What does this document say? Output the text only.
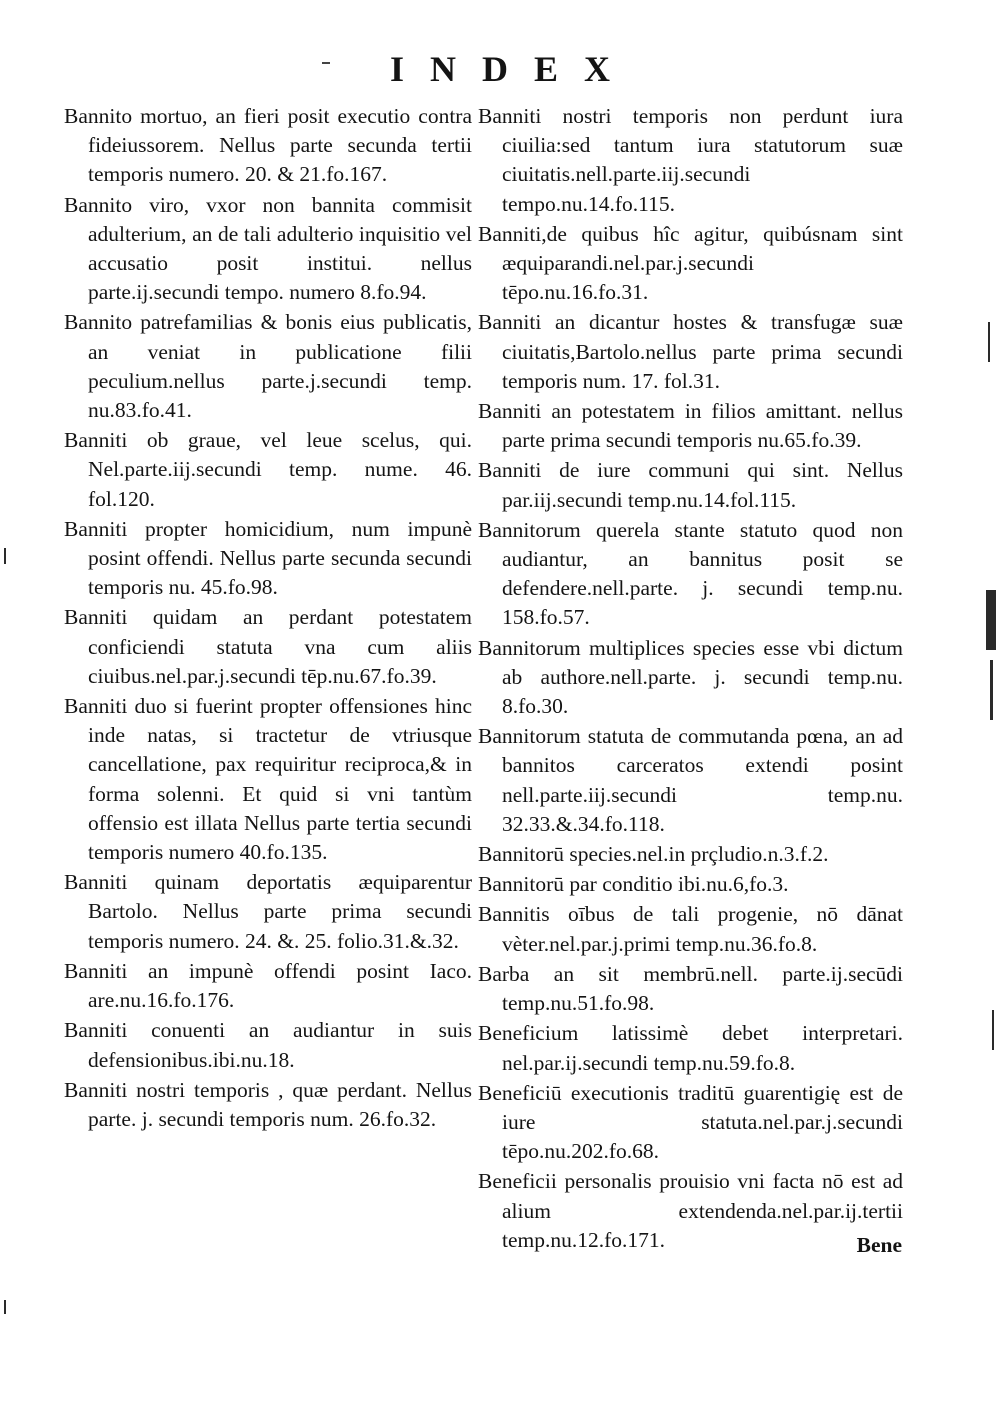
INDEX

Bannito mortuo, an fieri posit executio contra fideiussorem. Nellus parte secunda tertii temporis numero. 20. & 21.fo.167.

Bannito viro, vxor non bannita commisit adulterium, an de tali adulterio inquisitio vel accusatio posit institui. nellus parte.ij.secundi tempo. numero 8.fo.94.

Bannito patrefamilias & bonis eius publicatis, an veniat in publicatione filii peculium.nellus parte.j.secundi temp. nu.83.fo.41.

Banniti ob graue, vel leue scelus, qui. Nel.parte.iij.secundi temp. nume. 46. fol.120.

Banniti propter homicidium, num impunè posint offendi. Nellus parte secunda secundi temporis nu. 45.fo.98.

Banniti quidam an perdant potestatem conficiendi statuta vna cum aliis ciuibus.nel.par.j.secundi tēp.nu.67.fo.39.

Banniti duo si fuerint propter offensiones hinc inde natas, si tractetur de vtriusque cancellatione, pax requiritur reciproca,& in forma solenni. Et quid si vni tantùm offensio est illata Nellus parte tertia secundi temporis numero 40.fo.135.

Banniti quinam deportatis æquiparentur Bartolo. Nellus parte prima secundi temporis numero. 24. &. 25. folio.31.&.32.

Banniti an impunè offendi posint Iaco. are.nu.16.fo.176.

Banniti conuenti an audiantur in suis defensionibus.ibi.nu.18.

Banniti nostri temporis , quæ perdant. Nellus parte. j. secundi temporis num. 26.fo.32.

Banniti nostri temporis non perdunt iura ciuilia:sed tantum iura statutorum suæ ciuitatis.nell.parte.iij.secundi tempo.nu.14.fo.115.

Banniti,de quibus hîc agitur, quibúsnam sint æquiparandi.nel.par.j.secundi tēpo.nu.16.fo.31.

Banniti an dicantur hostes & transfugæ suæ ciuitatis,Bartolo.nellus parte prima secundi temporis num. 17. fol.31.

Banniti an potestatem in filios amittant. nellus parte prima secundi temporis nu.65.fo.39.

Banniti de iure communi qui sint. Nellus par.iij.secundi temp.nu.14.fol.115.

Bannitorum querela stante statuto quod non audiantur, an bannitus posit se defendere.nell.parte. j. secundi temp.nu. 158.fo.57.

Bannitorum multiplices species esse vbi dictum ab authore.nell.parte. j. secundi temp.nu. 8.fo.30.

Bannitorum statuta de commutanda pœna, an ad bannitos carceratos extendi posint nell.parte.iij.secundi temp.nu. 32.33.&.34.fo.118.

Bannitorū species.nel.in prçludio.n.3.f.2.

Bannitorū par conditio ibi.nu.6,fo.3.

Bannitis oībus de tali progenie, nō dānat vèter.nel.par.j.primi temp.nu.36.fo.8.

Barba an sit membrū.nell. parte.ij.secūdi temp.nu.51.fo.98.

Beneficium latissimè debet interpretari. nel.par.ij.secundi temp.nu.59.fo.8.

Beneficiū executionis traditū guarentigię est de iure statuta.nel.par.j.secundi tēpo.nu.202.fo.68.

Beneficii personalis prouisio vni facta nō est ad alium extendenda.nel.par.ij.tertii temp.nu.12.fo.171.	Bene
